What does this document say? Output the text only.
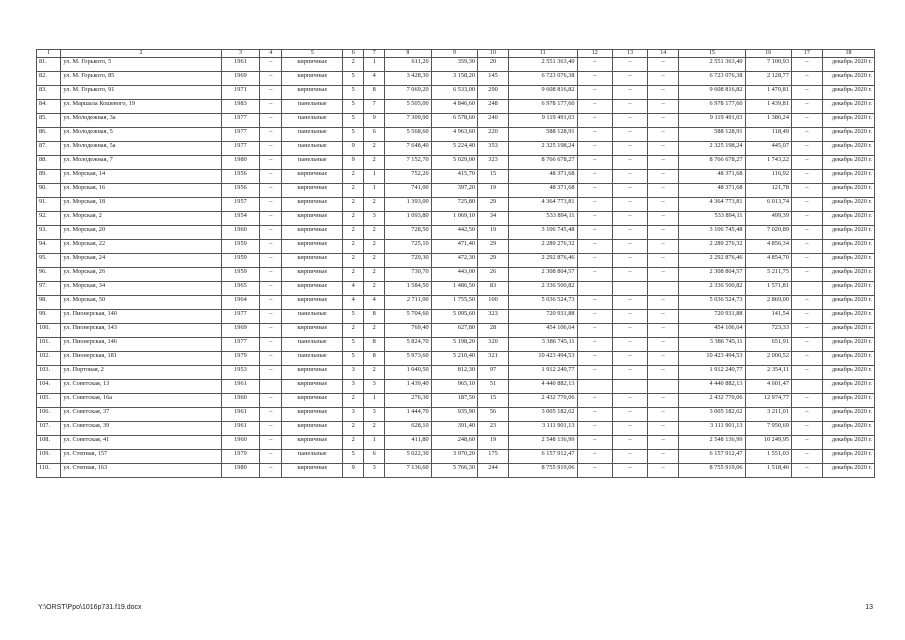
1	2	3	4	5	6	7	8	9	10	11	12	13	14	15	16	17	18
81.	ул. М. Горького, 5	1961	–	кирпичные	2	1	611,20	359,30	20	2 551 363,40	–	–	–	2 551 363,40	7 100,93	–	декабрь 2020 г.
82.	ул. М. Горького, 85	1969	–	кирпичные	5	4	3 428,30	3 158,20	145	6 723 076,38	–	–	–	6 723 076,38	2 128,77	–	декабрь 2020 г.
83.	ул. М. Горького, 91	1971	–	кирпичные	5	8	7 069,20	6 533,00	290	9 608 816,82	–	–	–	9 608 816,82	1 470,81	–	декабрь 2020 г.
84.	ул. Маршала Кошевого, 19	1983	–	панельные	5	7	5 505,00	4 846,60	248	6 978 177,60	–	–	–	6 978 177,60	1 439,81	–	декабрь 2020 г.
85.	ул. Молодежная, 3а	1977	–	панельные	5	9	7 309,90	6 578,60	240	9 119 491,03	–	–	–	9 119 491,03	1 386,24	–	декабрь 2020 г.
86.	ул. Молодежная, 5	1977	–	панельные	5	6	5 568,60	4 963,60	220	588 128,91	–	–	–	588 128,91	118,49	–	декабрь 2020 г.
87.	ул. Молодежная, 5а	1977	–	панельные	9	2	7 648,40	5 224,40	353	2 325 198,24	–	–	–	2 325 198,24	445,07	–	декабрь 2020 г.
88.	ул. Молодежная, 7	1980	–	панельные	9	2	7 152,70	5 029,00	323	8 766 678,27	–	–	–	8 766 678,27	1 743,22	–	декабрь 2020 г.
89.	ул. Морская, 14	1956	–	кирпичные	2	1	752,20	415,70	15	48 371,68	–	–	–	48 371,68	116,92	–	декабрь 2020 г.
90.	ул. Морская, 16	1956	–	кирпичные	2	1	741,00	397,20	19	48 371,68	–	–	–	48 371,68	121,78	–	декабрь 2020 г.
91.	ул. Морская, 18	1957	–	кирпичные	2	2	1 393,00	725,80	29	4 364 773,81	–	–	–	4 364 773,81	6 013,74	–	декабрь 2020 г.
92.	ул. Морская, 2	1954	–	кирпичные	2	3	1 093,80	1 069,10	34	533 894,11	–	–	–	533 894,11	499,39	–	декабрь 2020 г.
93.	ул. Морская, 20	1960	–	кирпичные	2	2	728,50	442,50	19	3 106 745,48	–	–	–	3 106 745,48	7 020,89	–	декабрь 2020 г.
94.	ул. Морская, 22	1959	–	кирпичные	2	2	725,10	471,40	29	2 289 276,32	–	–	–	2 289 276,32	4 856,34	–	декабрь 2020 г.
95.	ул. Морская, 24	1959	–	кирпичные	2	2	729,30	472,30	29	2 292 876,46	–	–	–	2 292 876,46	4 854,70	–	декабрь 2020 г.
96.	ул. Морская, 26	1959	–	кирпичные	2	2	730,70	443,00	26	2 308 804,57	–	–	–	2 308 804,57	5 211,75	–	декабрь 2020 г.
97.	ул. Морская, 34	1965	–	кирпичные	4	2	1 584,50	1 486,50	83	2 336 500,82				2 336 500,82	1 571,81		декабрь 2020 г.
98.	ул. Морская, 50	1964	–	кирпичные	4	4	2 711,00	1 755,50	100	5 036 524,73	–	–	–	5 036 524,73	2 869,00	–	декабрь 2020 г.
99.	ул. Пионерская, 140	1977	–	панельные	5	8	5 704,60	5 095,60	323	720 931,88	–	–	–	720 931,88	141,54	–	декабрь 2020 г.
100.	ул. Пионерская, 143	1969	–	кирпичные	2	2	769,40	627,80	28	454 106,64	–	–	–	454 106,64	723,33	–	декабрь 2020 г.
101.	ул. Пионерская, 146	1977	–	панельные	5	8	5 824,70	5 198,20	320	3 386 745,11	–	–	–	3 386 745,11	651,91	–	декабрь 2020 г.
102.	ул. Пионерская, 181	1979	–	панельные	5	8	5 973,60	5 210,40	321	10 423 494,53	–	–	–	10 423 494,53	2 000,52	–	декабрь 2020 г.
103.	ул. Портовая, 2	1953	–	кирпичные	3	2	1 040,50	812,30	97	1 912 240,77	–	–	–	1 912 240,77	2 354,11	–	декабрь 2020 г.
104.	ул. Советская, 13	1961		кирпичные	3	3	1 439,40	965,10	51	4 440 882,13				4 440 882,13	4 601,47		декабрь 2020 г.
105.	ул. Советская, 16а	1960	–	кирпичные	2	1	276,30	187,50	15	2 432 770,06	–	–	–	2 432 770,06	12 974,77	–	декабрь 2020 г.
106.	ул. Советская, 37	1961	–	кирпичные	3	3	1 444,70	935,90	56	3 005 182,62	–	–	–	3 005 182,62	3 211,01	–	декабрь 2020 г.
107.	ул. Советская, 39	1961	–	кирпичные	2	2	628,10	391,40	23	3 111 901,13	–	–	–	3 111 901,13	7 950,69	–	декабрь 2020 г.
108.	ул. Советская, 41	1960	–	кирпичные	2	1	411,80	248,60	19	2 548 136,99	–	–	–	2 548 136,99	10 249,95	–	декабрь 2020 г.
109.	ул. Степная, 157	1979	–	панельные	5	6	5 022,30	3 970,20	175	6 157 912,47	–	–	–	6 157 912,47	1 551,03	–	декабрь 2020 г.
110.	ул. Степная, 163	1980	–	кирпичные	9	3	7 136,60	5 766,30	244	8 755 919,06	–	–	–	8 755 919,06	1 518,46	–	декабрь 2020 г.
Y:\ORST\Ppo\1016p731.f19.docx	13
